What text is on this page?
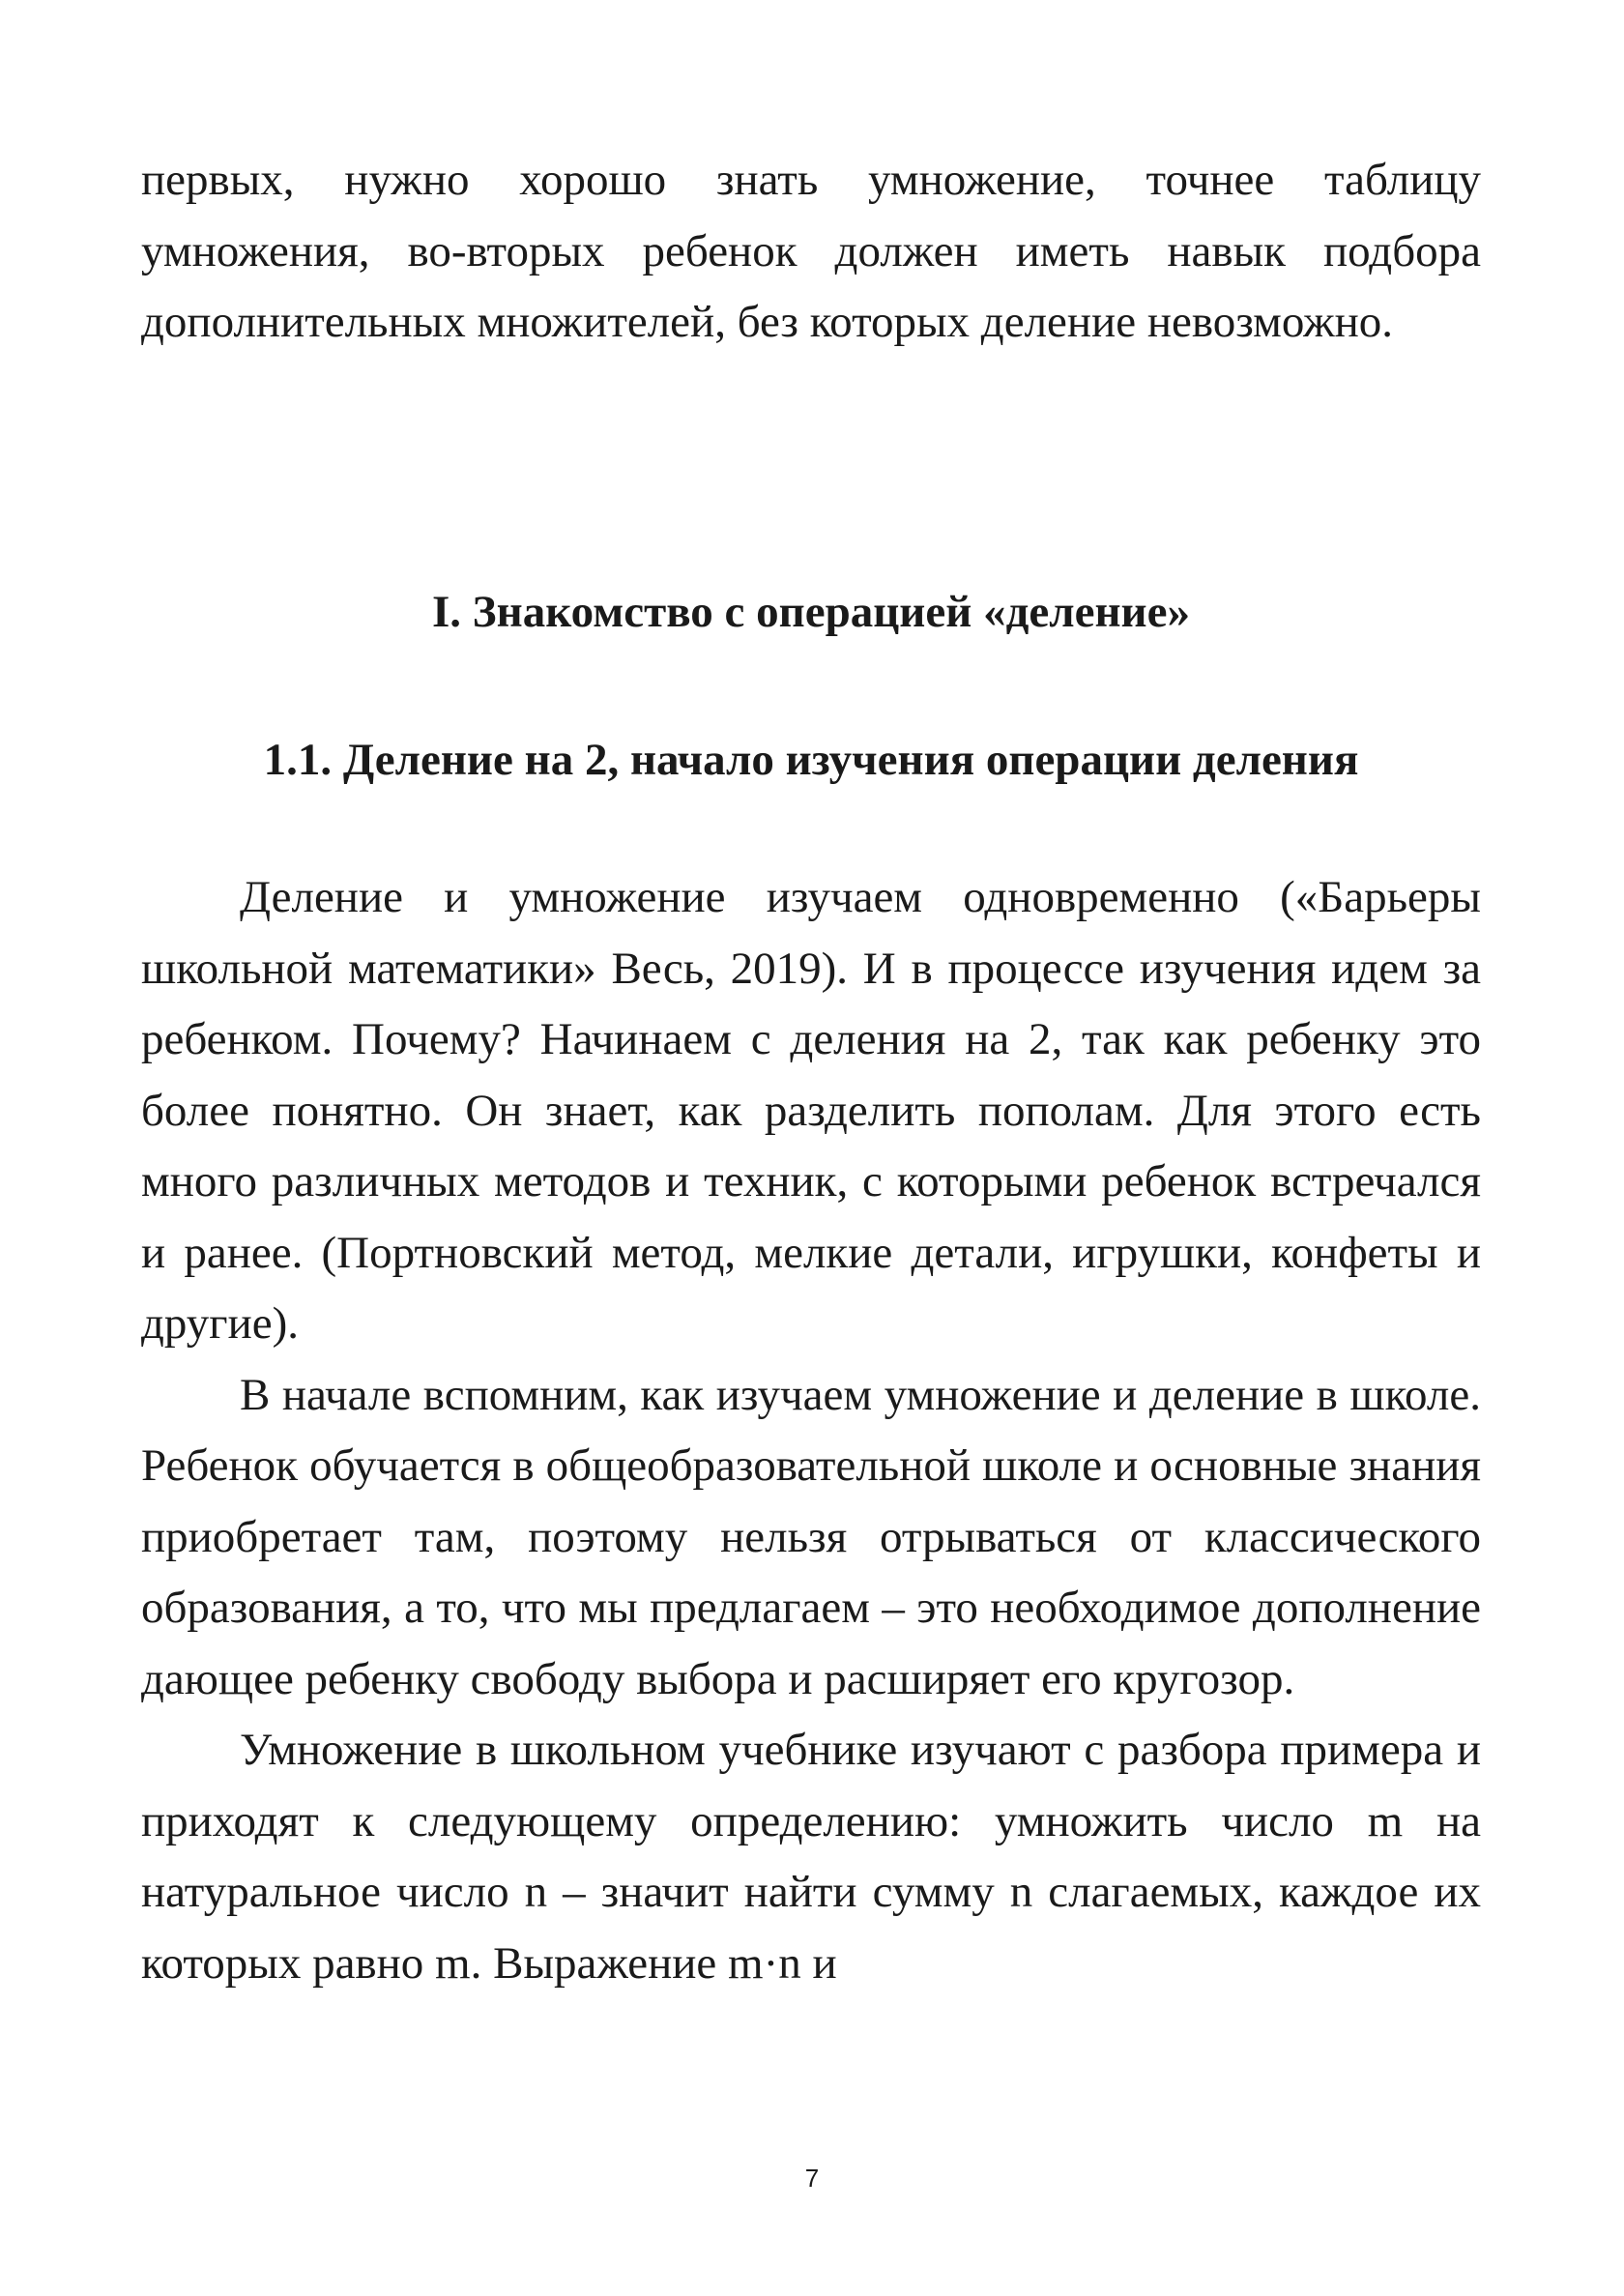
первых, нужно хорошо знать умножение, точнее таблицу умножения, во-вторых ребенок должен иметь навык подбора дополнительных множителей, без которых деление невозможно.

I. Знакомство с операцией «деление»
1.1. Деление на 2, начало изучения операции деления

Деление и умножение изучаем одновременно («Барьеры школьной математики» Весь, 2019). И в процессе изучения идем за ребенком. Почему? Начинаем с деления на 2, так как ребенку это более понятно. Он знает, как разделить пополам. Для этого есть много различных методов и техник, с которыми ребенок встречался и ранее. (Портновский метод, мелкие детали, игрушки, конфеты и другие).

В начале вспомним, как изучаем умножение и деление в школе. Ребенок обучается в общеобразовательной школе и основные знания приобретает там, поэтому нельзя отрываться от классического образования, а то, что мы предлагаем – это необходимое дополнение дающее ребенку свободу выбора и расширяет его кругозор.

Умножение в школьном учебнике изучают с разбора примера и приходят к следующему определению: умножить число m на натуральное число n – значит найти сумму n слагаемых, каждое их которых равно m. Выражение m·n и

7
